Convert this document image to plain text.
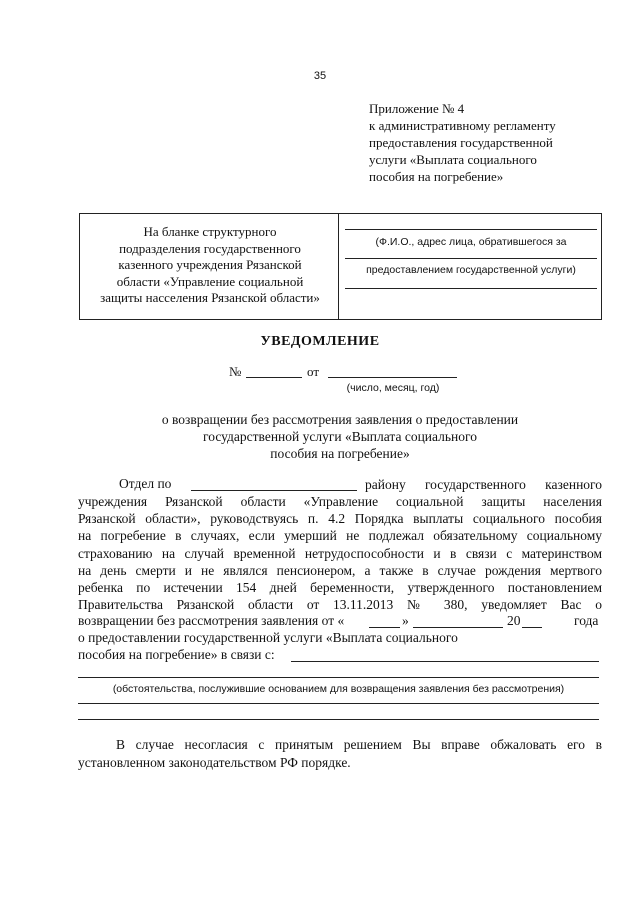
35
Приложение № 4
к административному регламенту
предоставления государственной
услуги «Выплата социального
пособия на погребение»
На бланке структурного
подразделения государственного
казенного учреждения Рязанской
области «Управление социальной
защиты насселения Рязанской области»
(Ф.И.О., адрес лица, обратившегося за
предоставлением государственной услуги)
УВЕДОМЛЕНИЕ
№	от
(число, месяц, год)
о возвращении без рассмотрения заявления о предоставлении
государственной услуги «Выплата социального
пособия на погребение»
Отдел по	району государственного казенного
учреждения Рязанской области «Управление социальной защиты населения
Рязанской области», руководствуясь п. 4.2 Порядка выплаты социального пособия
на погребение в случаях, если умерший не подлежал обязательному социальному
страхованию на случай временной нетрудоспособности и в связи с материнством
на день смерти и не являлся пенсионером, а также в случае рождения мертвого
ребенка по истечении 154 дней беременности, утвержденного постановлением
Правительства Рязанской области от 13.11.2013 № 380, уведомляет Вас о
возвращении без рассмотрения заявления от «	»	20	года
о предоставлении государственной услуги «Выплата социального
пособия на погребение» в связи с:
(обстоятельства, послужившие основанием для возвращения заявления без рассмотрения)
В случае несогласия с принятым решением Вы вправе обжаловать его в
установленном законодательством РФ порядке.
